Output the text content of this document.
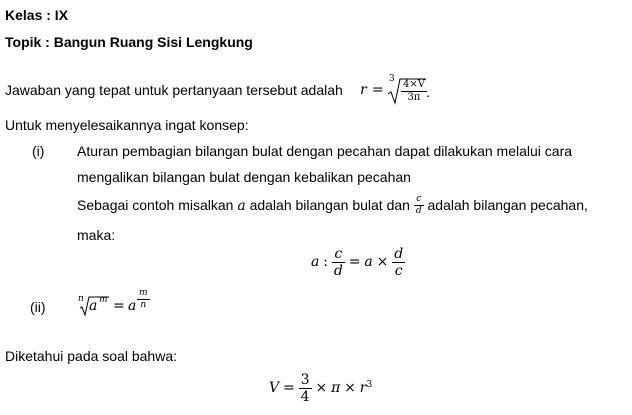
Kelas : IX
Topik : Bangun Ruang Sisi Lengkung
Jawaban yang tepat untuk pertanyaan tersebut adalah r =
3
$\frac{4\times V}{3\pi}$ .
Untuk menyelesaikannya ingat konsep:
(i) Aturan pembagian bilangan bulat dengan pecahan dapat dilakukan melalui cara
mengalikan bilangan bulat dengan kebalikan pecahan
Sebagai contoh misalkan a adalah bilangan bulat dan $\frac{c}{d}$ adalah bilangan pecahan,
maka:
a : $\frac{c}{d} = a \times \frac{d}{c}$
(ii)	n a m = a $\frac{m}{n}$
Diketahui pada soal bahwa:
$V = \frac{3}{4} \times \pi \times r^3$
